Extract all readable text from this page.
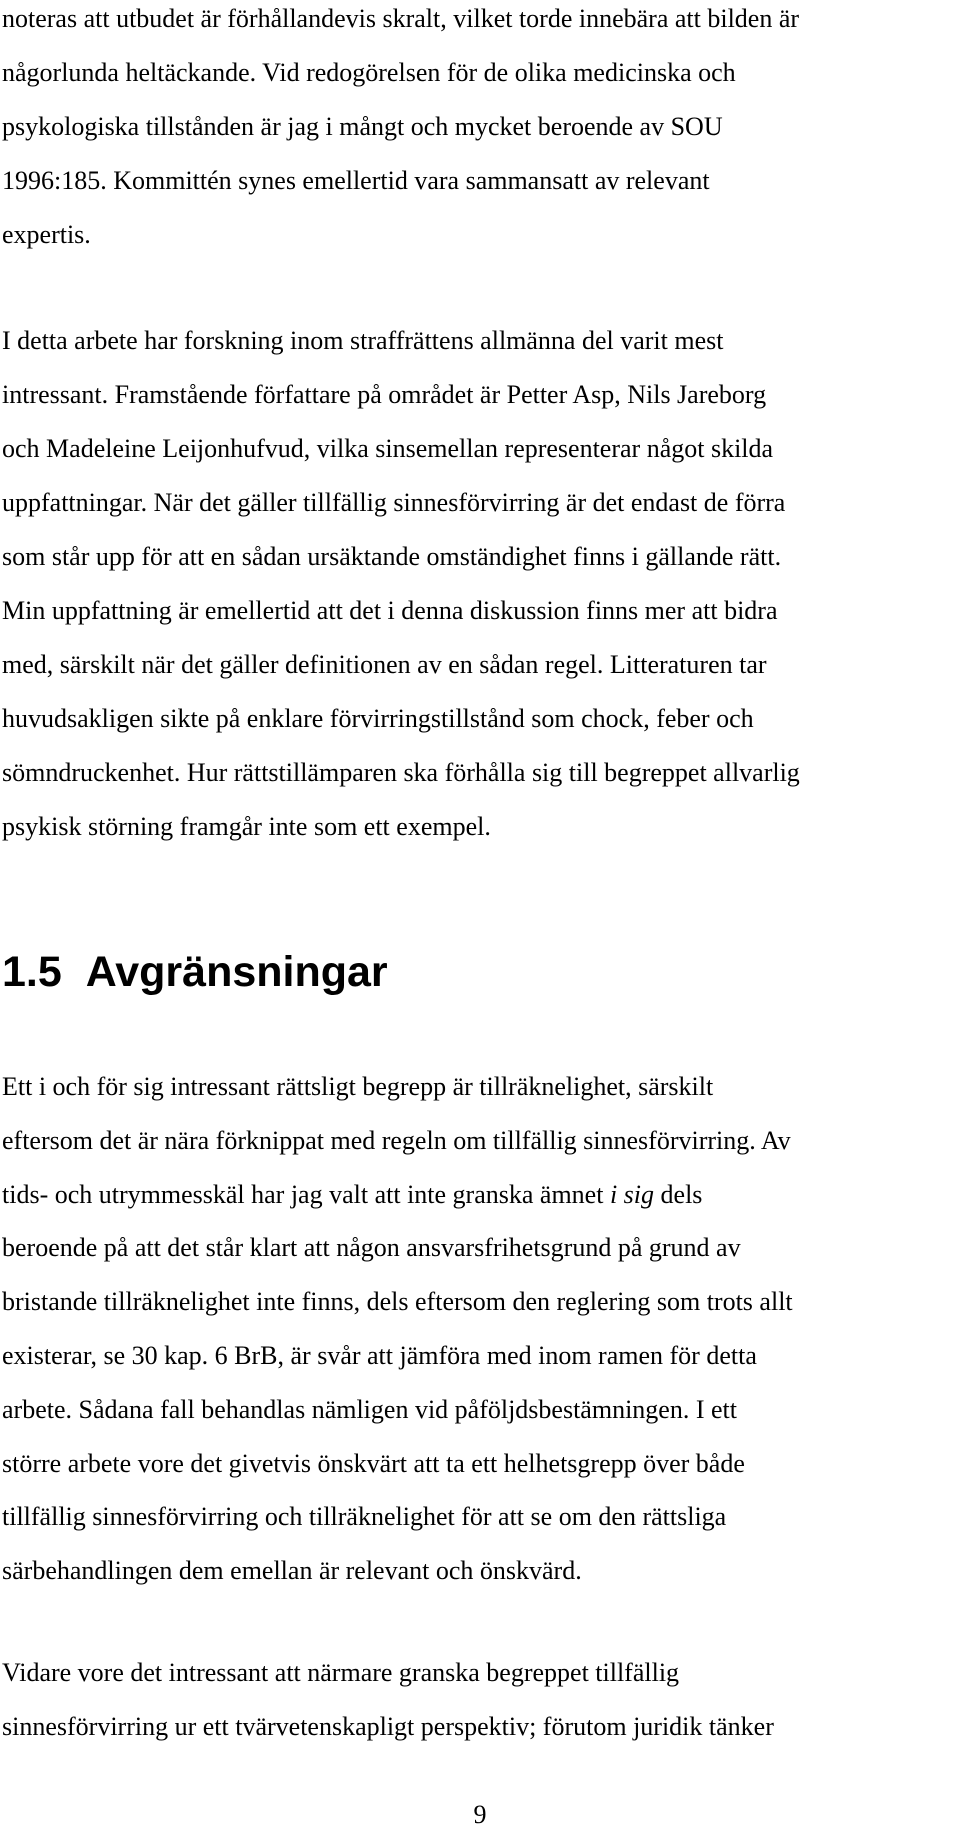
noteras att utbudet är förhållandevis skralt, vilket torde innebära att bilden är
någorlunda heltäckande. Vid redogörelsen för de olika medicinska och
psykologiska tillstånden är jag i mångt och mycket beroende av SOU
1996:185. Kommittén synes emellertid vara sammansatt av relevant
expertis.

I detta arbete har forskning inom straffrättens allmänna del varit mest
intressant. Framstående författare på området är Petter Asp, Nils Jareborg
och Madeleine Leijonhufvud, vilka sinsemellan representerar något skilda
uppfattningar. När det gäller tillfällig sinnesförvirring är det endast de förra
som står upp för att en sådan ursäktande omständighet finns i gällande rätt.
Min uppfattning är emellertid att det i denna diskussion finns mer att bidra
med, särskilt när det gäller definitionen av en sådan regel. Litteraturen tar
huvudsakligen sikte på enklare förvirringstillstånd som chock, feber och
sömndruckenhet. Hur rättstillämparen ska förhålla sig till begreppet allvarlig
psykisk störning framgår inte som ett exempel.

1.5 Avgränsningar

Ett i och för sig intressant rättsligt begrepp är tillräknelighet, särskilt
eftersom det är nära förknippat med regeln om tillfällig sinnesförvirring. Av
tids- och utrymmesskäl har jag valt att inte granska ämnet i sig dels
beroende på att det står klart att någon ansvarsfrihetsgrund på grund av
bristande tillräknelighet inte finns, dels eftersom den reglering som trots allt
existerar, se 30 kap. 6 BrB, är svår att jämföra med inom ramen för detta
arbete. Sådana fall behandlas nämligen vid påföljdsbestämningen. I ett
större arbete vore det givetvis önskvärt att ta ett helhetsgrepp över både
tillfällig sinnesförvirring och tillräknelighet för att se om den rättsliga
särbehandlingen dem emellan är relevant och önskvärd.

Vidare vore det intressant att närmare granska begreppet tillfällig
sinnesförvirring ur ett tvärvetenskapligt perspektiv; förutom juridik tänker

9
